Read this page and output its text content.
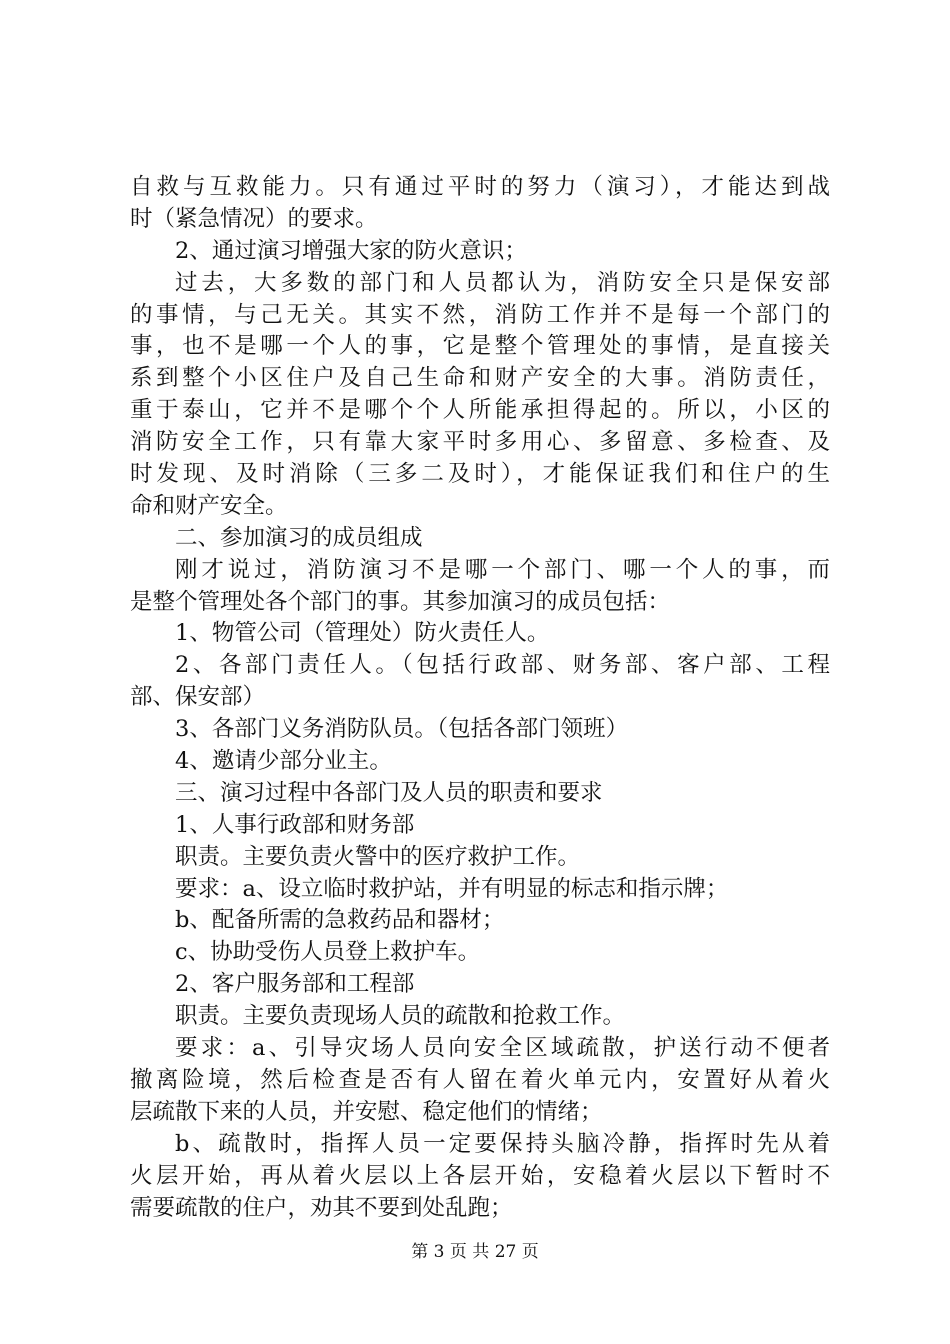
自救与互救能力。只有通过平时的努力（演习），才能达到战
时（紧急情况）的要求。
2、通过演习增强大家的防火意识；
过去，大多数的部门和人员都认为，消防安全只是保安部
的事情，与己无关。其实不然，消防工作并不是每一个部门的
事，也不是哪一个人的事，它是整个管理处的事情，是直接关
系到整个小区住户及自己生命和财产安全的大事。消防责任，
重于泰山，它并不是哪个个人所能承担得起的。所以，小区的
消防安全工作，只有靠大家平时多用心、多留意、多检查、及
时发现、及时消除（三多二及时），才能保证我们和住户的生
命和财产安全。
二、参加演习的成员组成
刚才说过，消防演习不是哪一个部门、哪一个人的事，而
是整个管理处各个部门的事。其参加演习的成员包括：
1、物管公司（管理处）防火责任人。
2、各部门责任人。（包括行政部、财务部、客户部、工程
部、保安部）
3、各部门义务消防队员。（包括各部门领班）
4、邀请少部分业主。
三、演习过程中各部门及人员的职责和要求
1、人事行政部和财务部
职责。主要负责火警中的医疗救护工作。
要求：a、设立临时救护站，并有明显的标志和指示牌；
b、配备所需的急救药品和器材；
c、协助受伤人员登上救护车。
2、客户服务部和工程部
职责。主要负责现场人员的疏散和抢救工作。
要求：a、引导灾场人员向安全区域疏散，护送行动不便者
撤离险境，然后检查是否有人留在着火单元内，安置好从着火
层疏散下来的人员，并安慰、稳定他们的情绪；
b、疏散时，指挥人员一定要保持头脑冷静，指挥时先从着
火层开始，再从着火层以上各层开始，安稳着火层以下暂时不
需要疏散的住户，劝其不要到处乱跑；
第 3 页 共 27 页
